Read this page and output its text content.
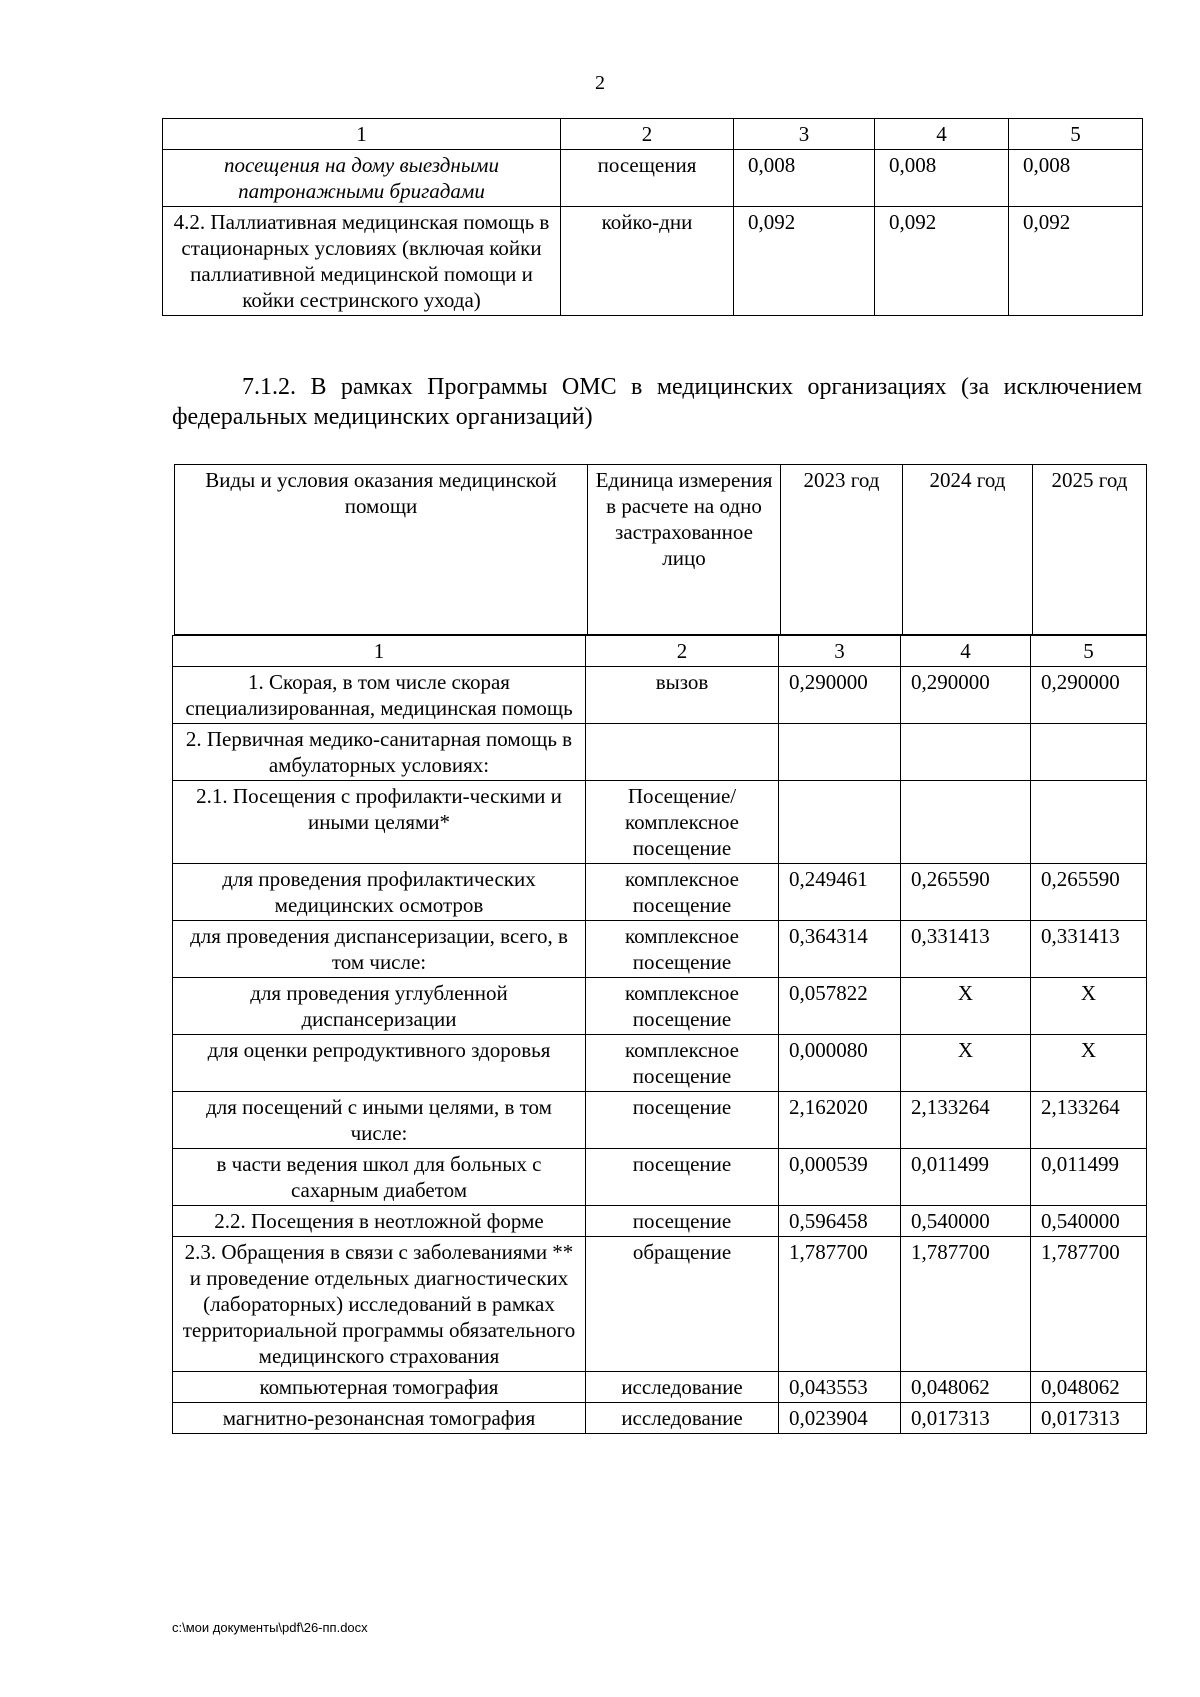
2
1	2	3	4	5
посещения на дому выездными патронажными бригадами	посещения	0,008	0,008	0,008
4.2. Паллиативная медицинская помощь в стационарных условиях (включая койки паллиативной медицинской помощи и койки сестринского ухода)	койко-дни	0,092	0,092	0,092
7.1.2. В рамках Программы ОМС в медицинских организациях (за исключением федеральных медицинских организаций)
Виды и условия оказания медицинской помощи	Единица измерения в расчете на одно застрахованное лицо	2023 год	2024 год	2025 год
1	2	3	4	5
1. Скорая, в том числе скорая специализированная, медицинская помощь	вызов	0,290000	0,290000	0,290000
2. Первичная медико-санитарная помощь в амбулаторных условиях:				
2.1. Посещения с профилакти-ческими и иными целями*	Посещение/ комплексное посещение			
для проведения профилактических медицинских осмотров	комплексное посещение	0,249461	0,265590	0,265590
для проведения диспансеризации, всего, в том числе:	комплексное посещение	0,364314	0,331413	0,331413
для проведения углубленной диспансеризации	комплексное посещение	0,057822	Х	Х
для оценки репродуктивного здоровья	комплексное посещение	0,000080	Х	Х
для посещений с иными целями, в том числе:	посещение	2,162020	2,133264	2,133264
в части ведения школ для больных с сахарным диабетом	посещение	0,000539	0,011499	0,011499
2.2. Посещения в неотложной форме	посещение	0,596458	0,540000	0,540000
2.3. Обращения в связи с заболеваниями ** и проведение отдельных диагностических (лабораторных) исследований в рамках территориальной программы обязательного медицинского страхования	обращение	1,787700	1,787700	1,787700
компьютерная томография	исследование	0,043553	0,048062	0,048062
магнитно-резонансная томография	исследование	0,023904	0,017313	0,017313
c:\мои документы\pdf\26-пп.docx
